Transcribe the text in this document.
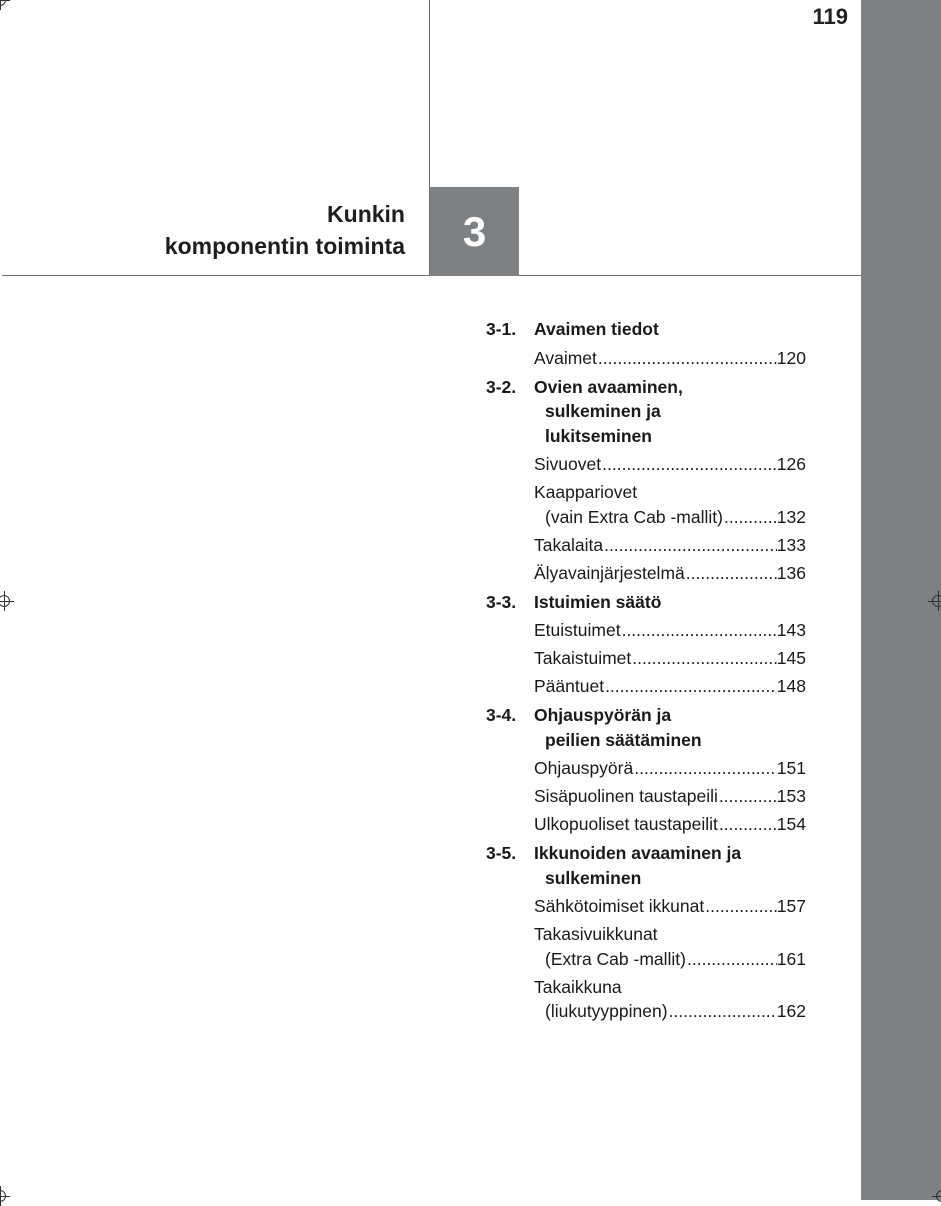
119
Kunkin
komponentin toiminta 3
3-1.	Avaimen tiedot
Avaimet .....	120
3-2.	Ovien avaaminen,
sulkeminen ja
lukitseminen
Sivuovet .....	126
Kaappariovet
(vain Extra Cab -mallit) .....	132
Takalaita .....	133
Älyavainjärjestelmä .....	136
3-3.	Istuimien säätö
Etuistuimet .....	143
Takaistuimet .....	145
Pääntuet .....	148
3-4.	Ohjauspyörän ja
peilien säätäminen
Ohjauspyörä .....	151
Sisäpuolinen taustapeili .....	153
Ulkopuoliset taustapeilit .....	154
3-5.	Ikkunoiden avaaminen ja
sulkeminen
Sähkötoimiset ikkunat .....	157
Takasivuikkunat
(Extra Cab -mallit) .....	161
Takaikkuna
(liukutyyppinen) .....	162
